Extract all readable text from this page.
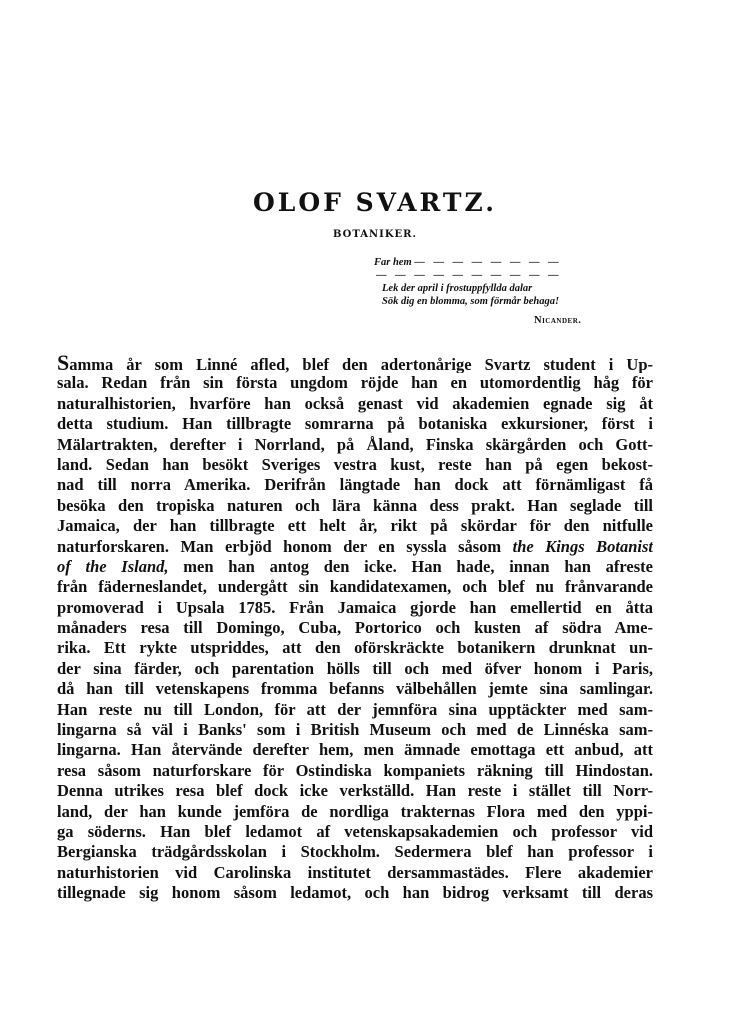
OLOF SVARTZ.
BOTANIKER.
Far hem — — — — — — — —
— — — — — — — — — —
Lek der april i frostuppfyllda dalar
Sök dig en blomma, som förmår behaga!
Nicander.
Samma år som Linné afled, blef den adertonårige Svartz student i Up-
sala. Redan från sin första ungdom röjde han en utomordentlig håg för
naturalhistorien, hvarföre han också genast vid akademien egnade sig åt
detta studium. Han tillbragte somrarna på botaniska exkursioner, först i
Mälartrakten, derefter i Norrland, på Åland, Finska skärgården och Gott-
land. Sedan han besökt Sveriges vestra kust, reste han på egen bekost-
nad till norra Amerika. Derifrån längtade han dock att förnämligast få
besöka den tropiska naturen och lära känna dess prakt. Han seglade till
Jamaica, der han tillbragte ett helt år, rikt på skördar för den nitfulle
naturforskaren. Man erbjöd honom der en syssla såsom the Kings Botanist
of the Island, men han antog den icke. Han hade, innan han afreste
från fäderneslandet, undergått sin kandidatexamen, och blef nu frånvarande
promoverad i Upsala 1785. Från Jamaica gjorde han emellertid en åtta
månaders resa till Domingo, Cuba, Portorico och kusten af södra Ame-
rika. Ett rykte utspriddes, att den oförskräckte botanikern drunknat un-
der sina färder, och parentation hölls till och med öfver honom i Paris,
då han till vetenskapens fromma befanns välbehållen jemte sina samlingar.
Han reste nu till London, för att der jemnföra sina upptäckter med sam-
lingarna så väl i Banks' som i British Museum och med de Linnéska sam-
lingarna. Han återvände derefter hem, men ämnade emottaga ett anbud, att
resa såsom naturforskare för Ostindiska kompaniets räkning till Hindostan.
Denna utrikes resa blef dock icke verkställd. Han reste i stället till Norr-
land, der han kunde jemföra de nordliga trakternas Flora med den yppi-
ga söderns. Han blef ledamot af vetenskapsakademien och professor vid
Bergianska trädgårdsskolan i Stockholm. Sedermera blef han professor i
naturhistorien vid Carolinska institutet dersammastädes. Flere akademier
tillegnade sig honom såsom ledamot, och han bidrog verksamt till deras
